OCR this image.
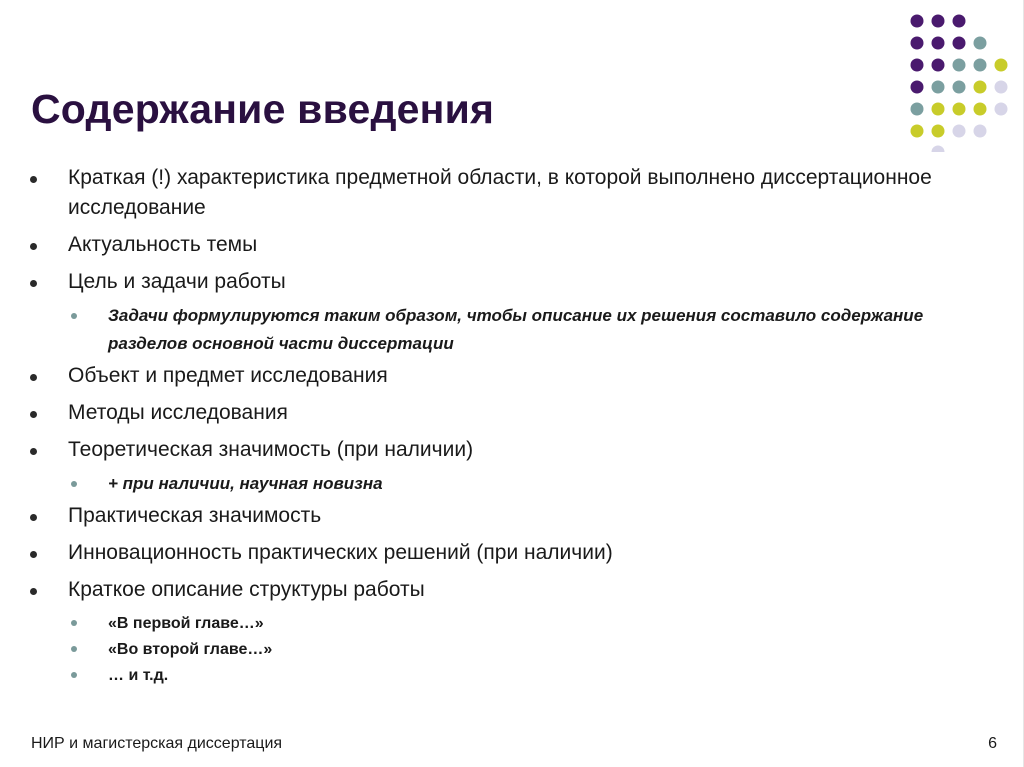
Содержание введения
Краткая (!) характеристика предметной области, в которой выполнено диссертационное исследование
Актуальность темы
Цель и задачи работы
Задачи формулируются таким образом, чтобы описание их решения составило содержание разделов основной части диссертации
Объект и предмет исследования
Методы исследования
Теоретическая значимость (при наличии)
+ при наличии, научная новизна
Практическая значимость
Инновационность практических решений (при наличии)
Краткое описание структуры работы
«В первой главе…»
«Во второй главе…»
… и т.д.
НИР и магистерская диссертация	6
